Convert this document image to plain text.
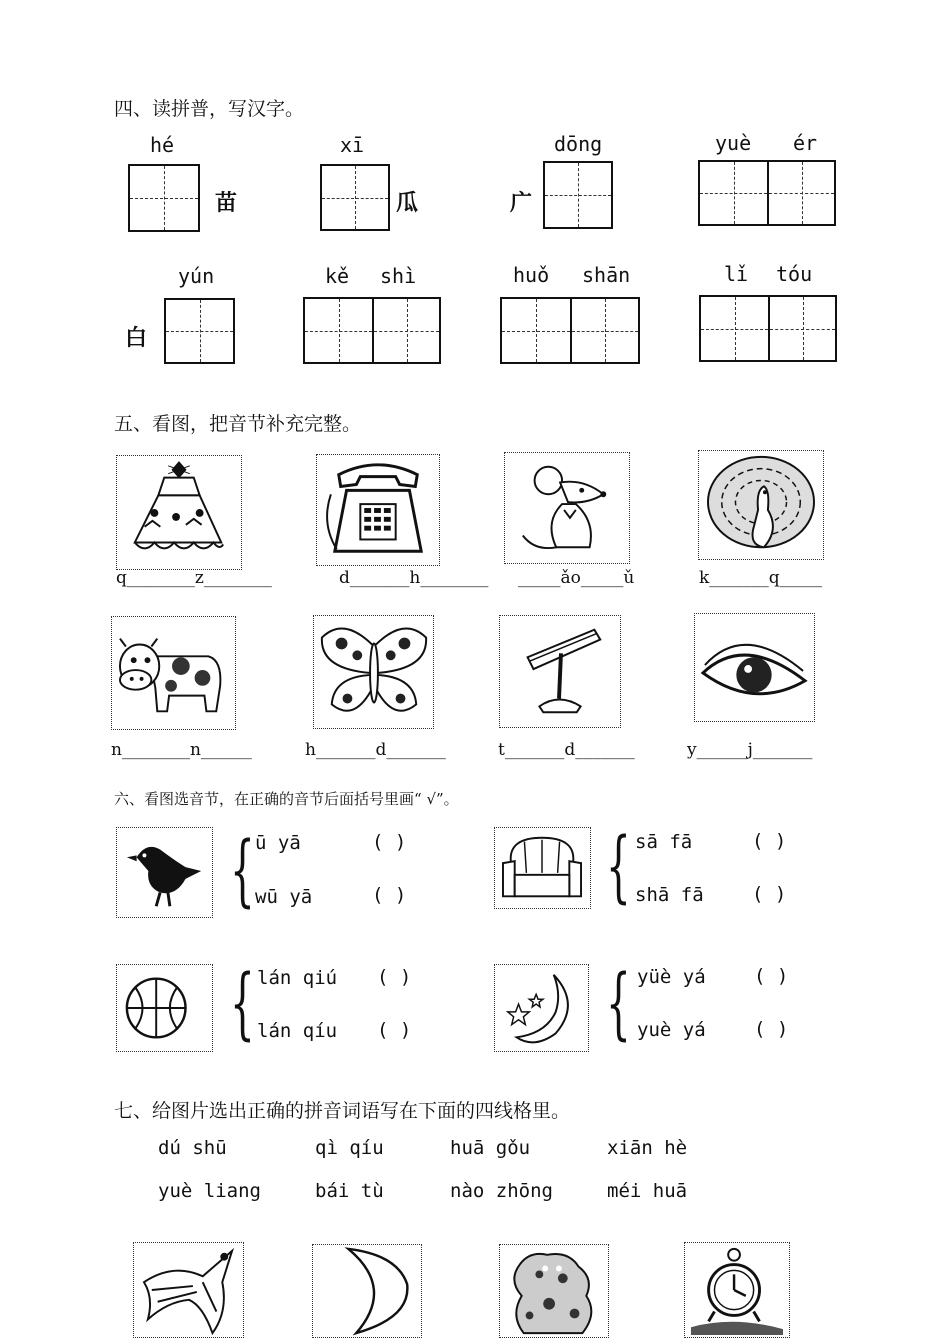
四、读拼普，写汉字。
hé
苗
xī
瓜
dōng
广
yuè ér
yún
白
kě shì	huǒ shān	lǐ tóu
五、看图，把音节补充完整。
q________z________	d_______h________ _____ǎo_____ǔ	k_______q_____
n________n______	h_______d_______	t_______d_______	y______j_______
六、看图选音节，在正确的音节后面括号里画“ √”。
{ ū yā	( )
wū yā	( )	{ sā fā	( )
shā fā	( )
{ lán qiú ( )
lán qíu ( ) { yüè yá	( )
yuè yá	( )
七、给图片选出正确的拼音词语写在下面的四线格里。
dú shū	qì qíu	huā gǒu	xiān hè
yuè liang	bái tù	nào zhōng	méi huā
